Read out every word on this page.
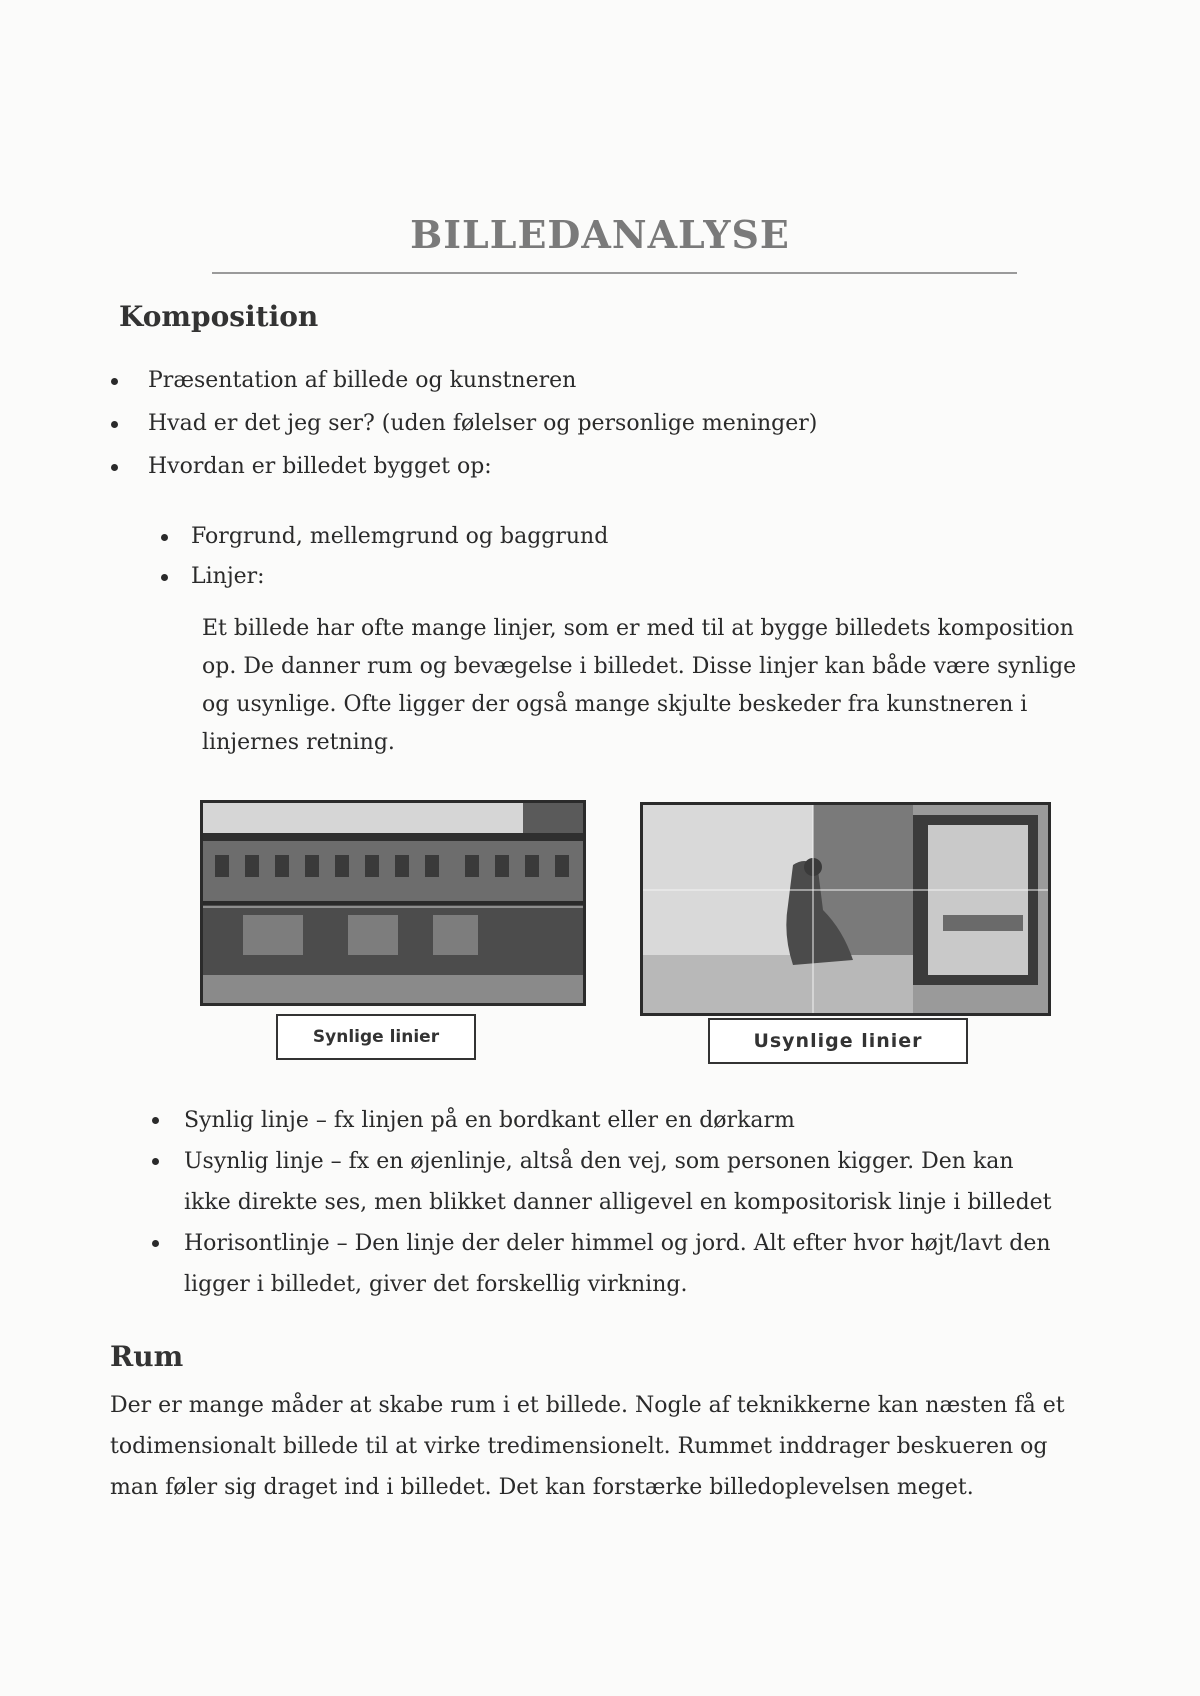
BILLEDANALYSE
Komposition
Præsentation af billede og kunstneren
Hvad er det jeg ser? (uden følelser og personlige meninger)
Hvordan er billedet bygget op:
Forgrund, mellemgrund og baggrund
Linjer:

Et billede har ofte mange linjer, som er med til at bygge billedets komposition op. De danner rum og bevægelse i billedet. Disse linjer kan både være synlige og usynlige. Ofte ligger der også mange skjulte beskeder fra kunstneren i linjernes retning.

Synlige linier	Usynlige linier
Synlig linje – fx linjen på en bordkant eller en dørkarm
Usynlig linje – fx en øjenlinje, altså den vej, som personen kigger. Den kan ikke direkte ses, men blikket danner alligevel en kompositorisk linje i billedet
Horisontlinje – Den linje der deler himmel og jord. Alt efter hvor højt/lavt den ligger i billedet, giver det forskellig virkning.
Rum

Der er mange måder at skabe rum i et billede. Nogle af teknikkerne kan næsten få et todimensionalt billede til at virke tredimensionelt. Rummet inddrager beskueren og man føler sig draget ind i billedet. Det kan forstærke billedoplevelsen meget.
